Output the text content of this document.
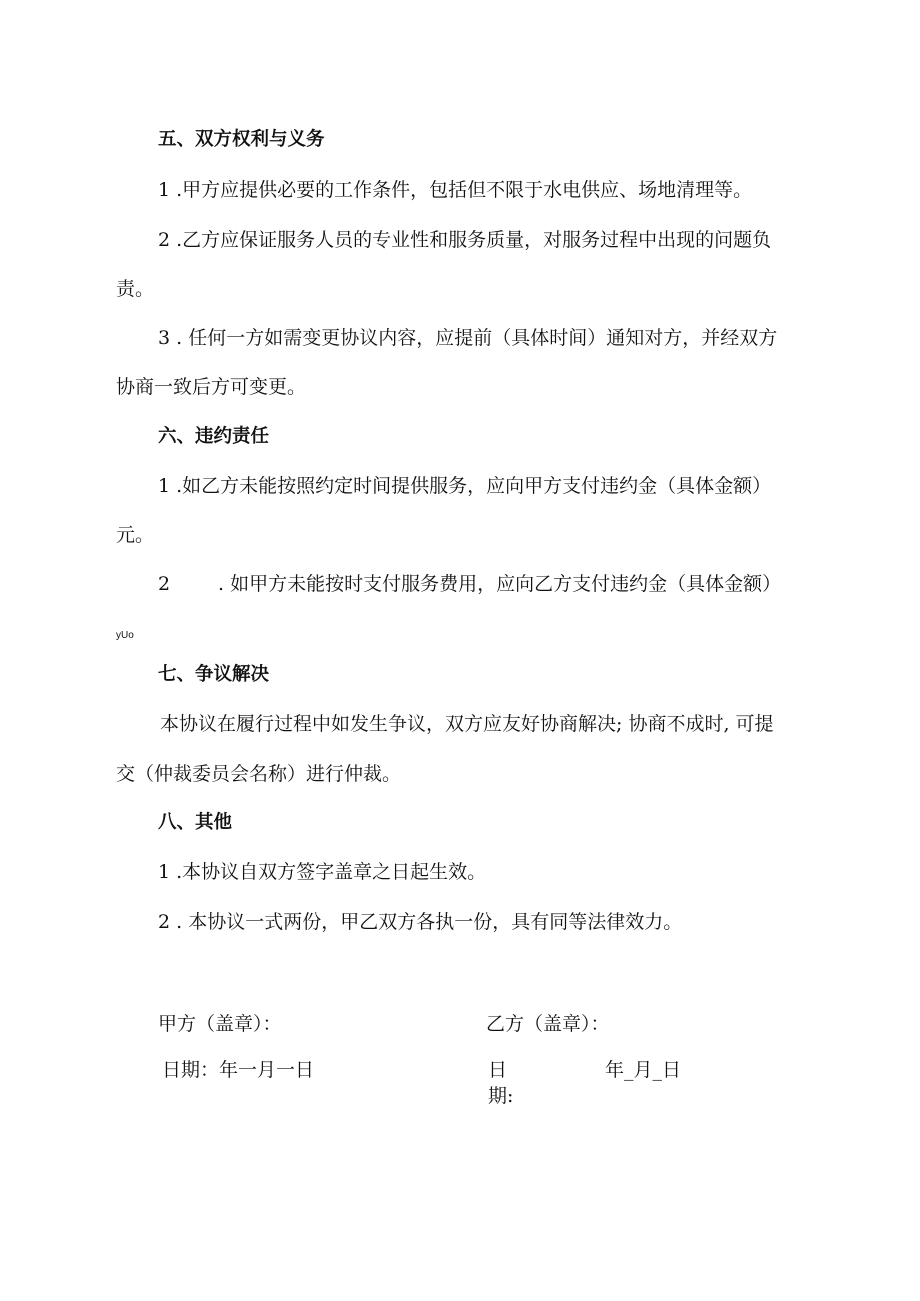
五、双方权利与义务
1 .甲方应提供必要的工作条件，包括但不限于水电供应、场地清理等。
2 .乙方应保证服务人员的专业性和服务质量，对服务过程中出现的问题负
责。
3 . 任何一方如需变更协议内容，应提前（具体时间）通知对方，并经双方
协商一致后方可变更。
六、违约责任
1 .如乙方未能按照约定时间提供服务，应向甲方支付违约金（具体金额）
元。
2	. 如甲方未能按时支付服务费用，应向乙方支付违约金（具体金额）
yUo
七、争议解决
本协议在履行过程中如发生争议，双方应友好协商解决; 协商不成时, 可提
交（仲裁委员会名称）进行仲裁。
八、其他
1 .本协议自双方签字盖章之日起生效。
2 . 本协议一式两份，甲乙双方各执一份，具有同等法律效力。
甲方（盖章）：
日期：年一月一日
乙方（盖章）：
日
期:
年_月_日
